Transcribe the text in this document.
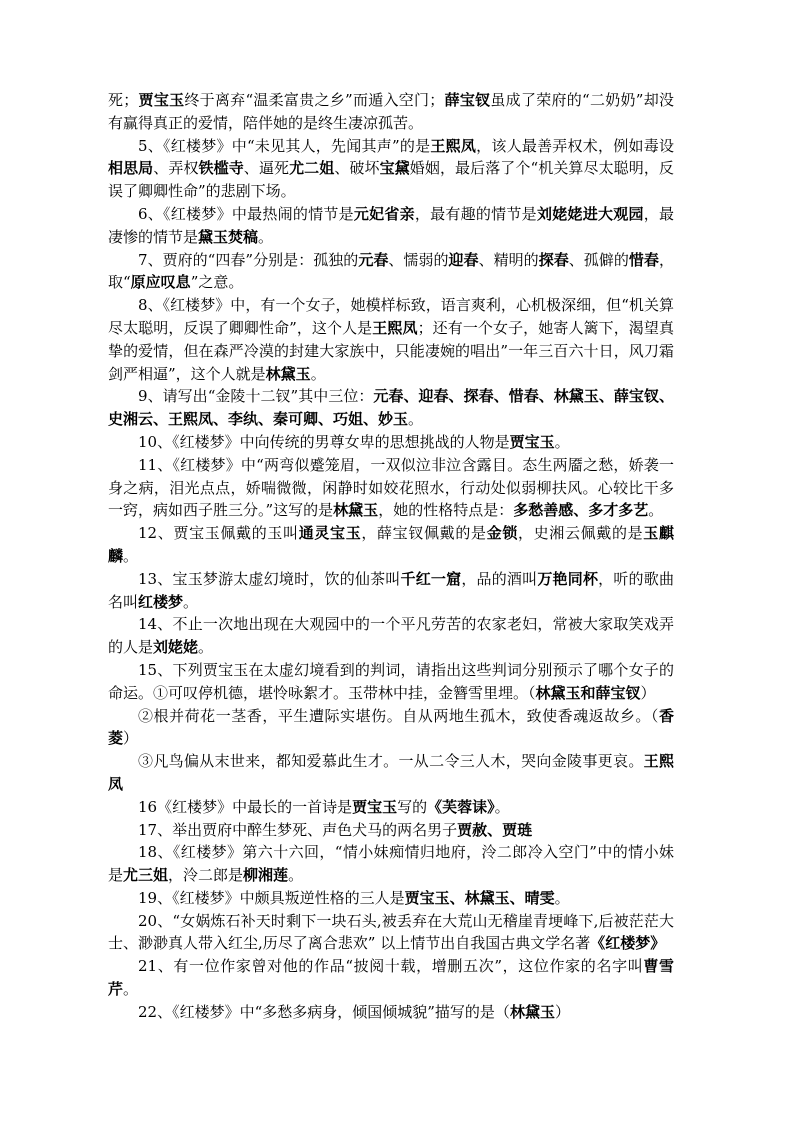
死；贾宝玉终于离弃“温柔富贵之乡”而遁入空门；薛宝钗虽成了荣府的“二奶奶”却没有赢得真正的爱情，陪伴她的是终生凄凉孤苦。

5、《红楼梦》中“未见其人，先闻其声”的是王熙凤，该人最善弄权术，例如毒设相思局、弄权铁槛寺、逼死尤二姐、破坏宝黛婚姻，最后落了个“机关算尽太聪明，反误了卿卿性命”的悲剧下场。

6、《红楼梦》中最热闹的情节是元妃省亲，最有趣的情节是刘姥姥进大观园，最凄惨的情节是黛玉焚稿。

7、贾府的“四春”分别是：孤独的元春、懦弱的迎春、精明的探春、孤僻的惜春，取“原应叹息”之意。

8、《红楼梦》中，有一个女子，她模样标致，语言爽利，心机极深细，但“机关算尽太聪明，反误了卿卿性命”，这个人是王熙凤；还有一个女子，她寄人篱下，渴望真挚的爱情，但在森严冷漠的封建大家族中，只能凄婉的唱出”一年三百六十日，风刀霜剑严相逼”，这个人就是林黛玉。

9、请写出“金陵十二钗”其中三位：元春、迎春、探春、惜春、林黛玉、薛宝钗、史湘云、王熙凤、李纨、秦可卿、巧姐、妙玉。

10、《红楼梦》中向传统的男尊女卑的思想挑战的人物是贾宝玉。

11、《红楼梦》中“两弯似蹙笼眉，一双似泣非泣含露目。态生两靥之愁，娇袭一身之病，泪光点点，娇喘微微，闲静时如姣花照水，行动处似弱柳扶风。心较比干多一窍，病如西子胜三分。”这写的是林黛玉，她的性格特点是：多愁善感、多才多艺。

12、贾宝玉佩戴的玉叫通灵宝玉，薛宝钗佩戴的是金锁，史湘云佩戴的是玉麒麟。

13、宝玉梦游太虚幻境时，饮的仙茶叫千红一窟，品的酒叫万艳同杯，听的歌曲名叫红楼梦。

14、不止一次地出现在大观园中的一个平凡劳苦的农家老妇，常被大家取笑戏弄的人是刘姥姥。

15、下列贾宝玉在太虚幻境看到的判词，请指出这些判词分别预示了哪个女子的命运。①可叹停机德，堪怜咏絮才。玉带林中挂，金簪雪里埋。（林黛玉和薛宝钗）

②根并荷花一茎香，平生遭际实堪伤。自从两地生孤木，致使香魂返故乡。（香菱）

③凡鸟偏从末世来，都知爱慕此生才。一从二令三人木，哭向金陵事更哀。王熙凤

16《红楼梦》中最长的一首诗是贾宝玉写的《芙蓉诔》。

17、举出贾府中醉生梦死、声色犬马的两名男子贾赦、贾琏

18、《红楼梦》第六十六回，“情小妹痴情归地府，泠二郎冷入空门”中的情小妹是尤三姐，泠二郎是柳湘莲。

19、《红楼梦》中颇具叛逆性格的三人是贾宝玉、林黛玉、晴雯。

20、“女娲炼石补天时剩下一块石头,被丢弃在大荒山无稽崖青埂峰下,后被茫茫大士、渺渺真人带入红尘,历尽了离合悲欢” 以上情节出自我国古典文学名著《红楼梦》

21、有一位作家曾对他的作品“披阅十载，增删五次”，这位作家的名字叫曹雪芹。

22、《红楼梦》中“多愁多病身，倾国倾城貌”描写的是（林黛玉）
